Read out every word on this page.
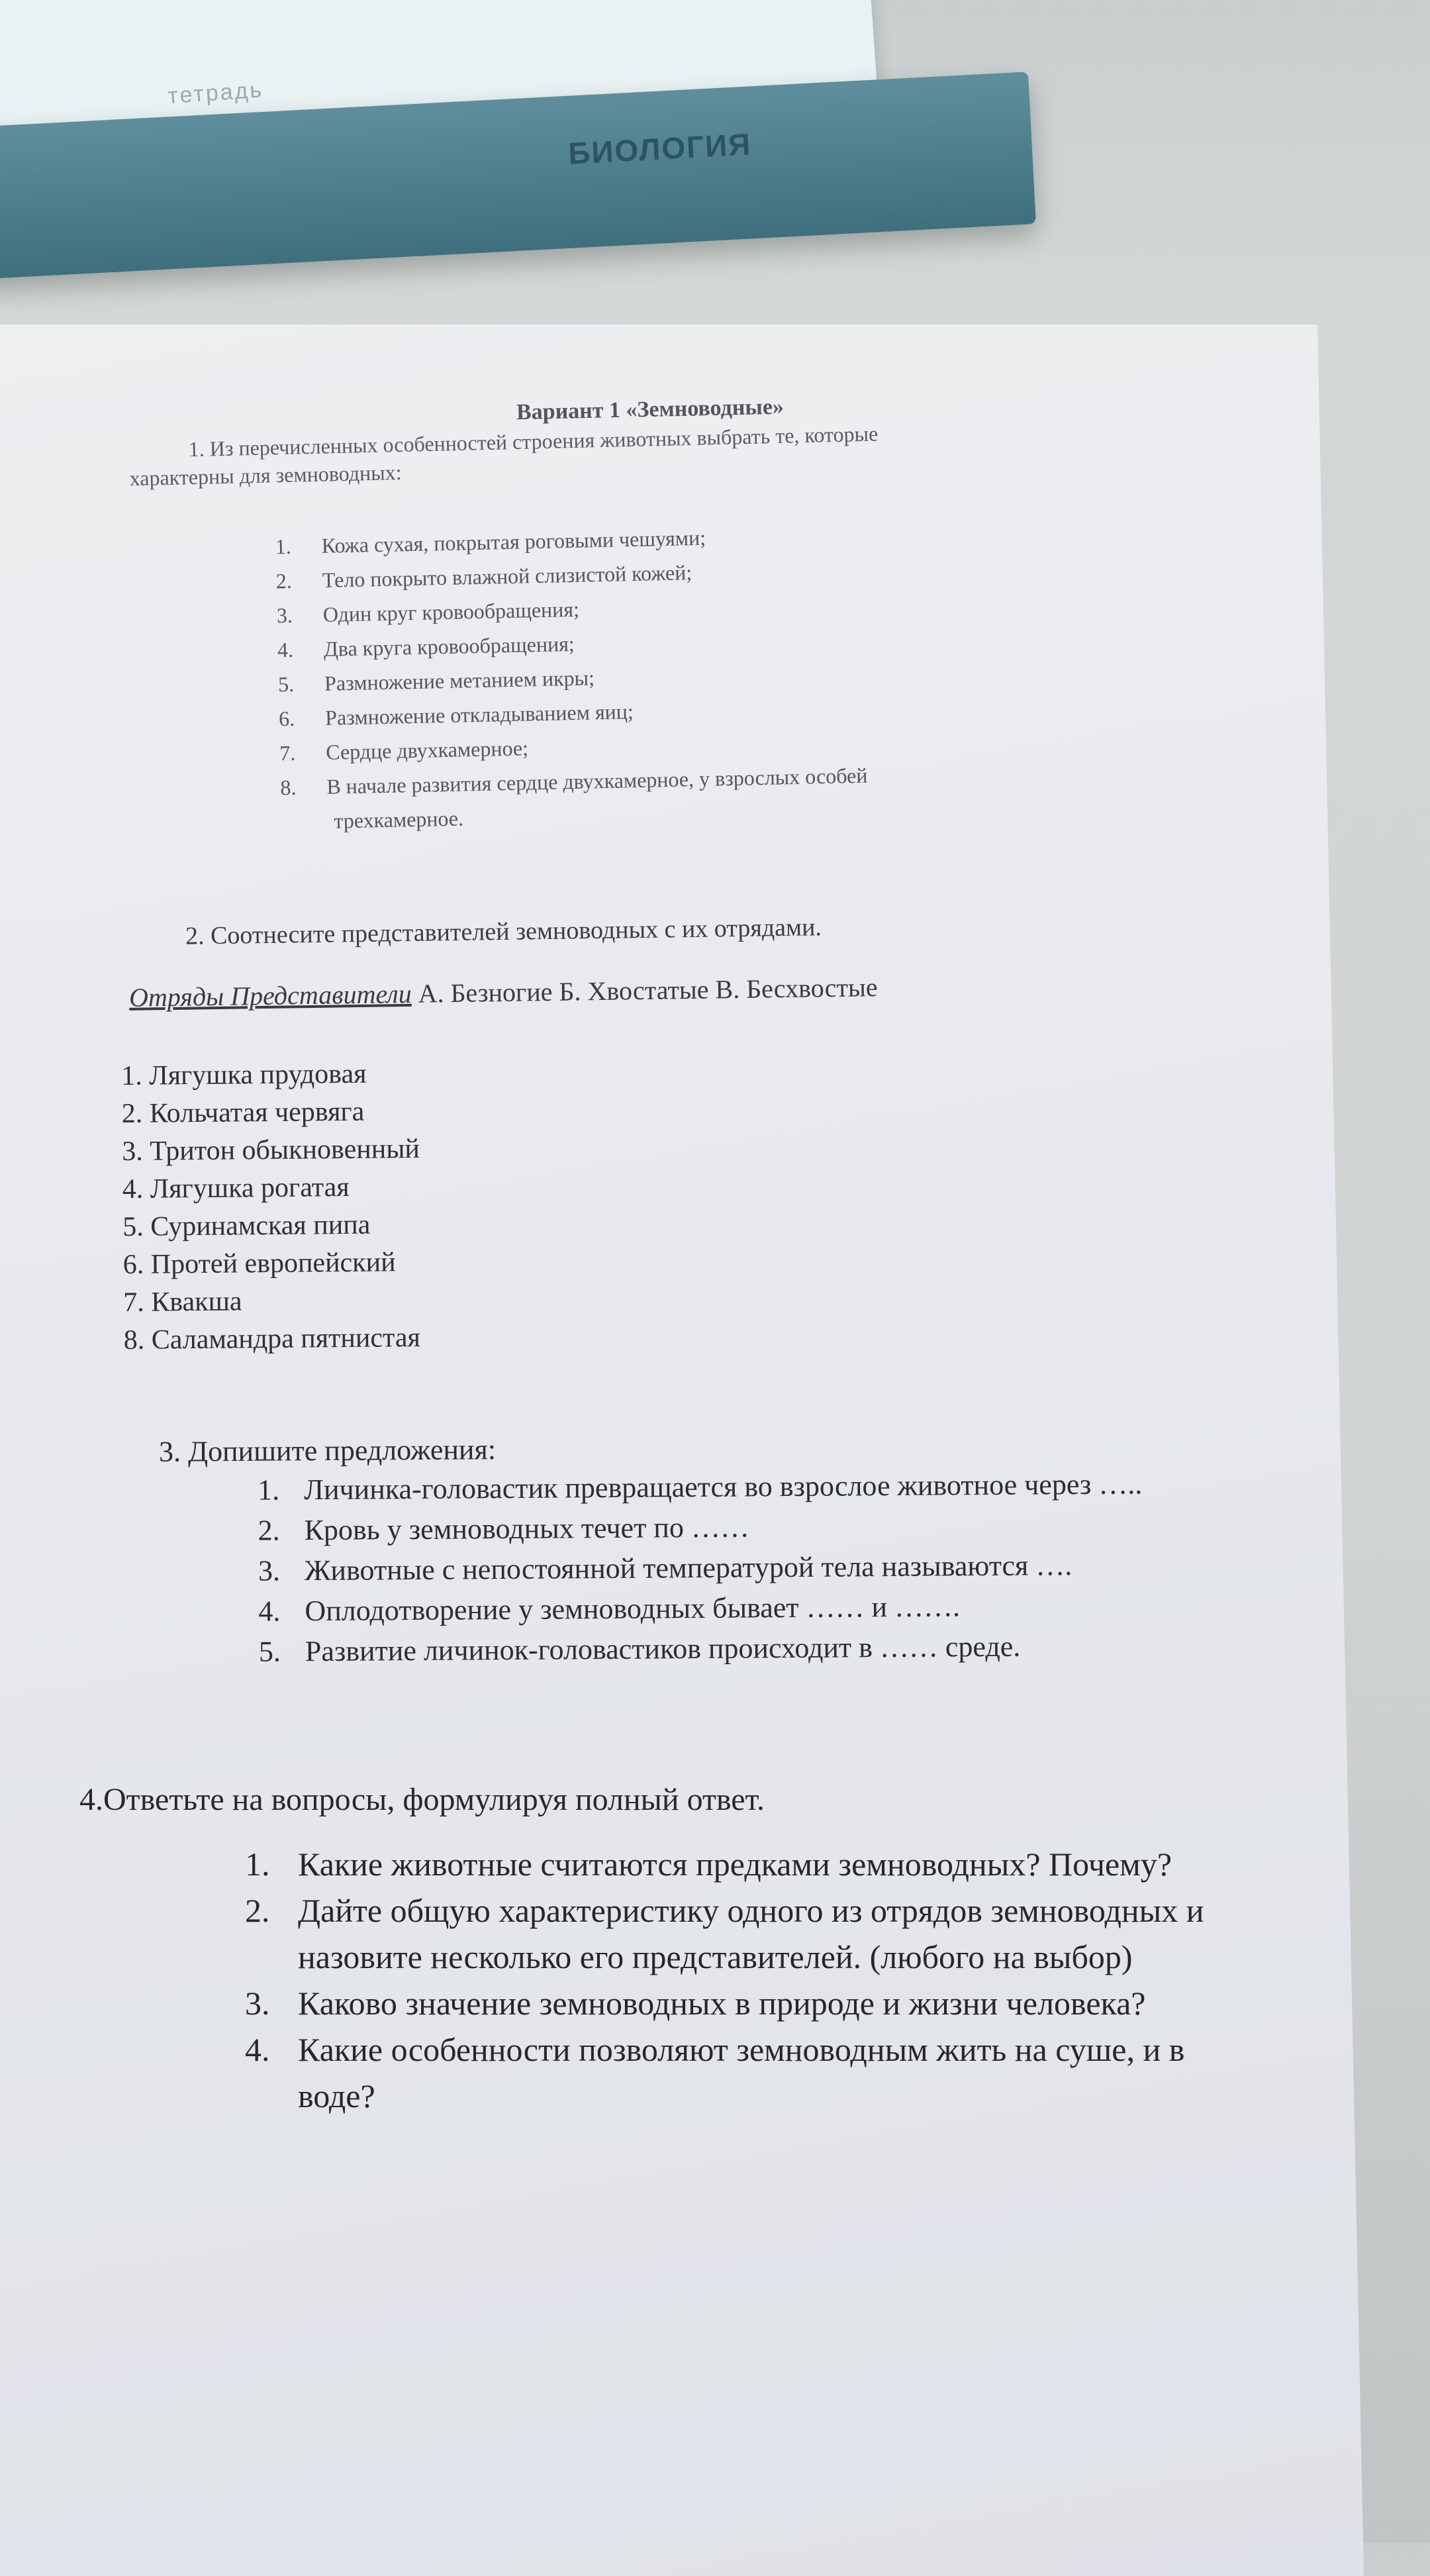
тетрадь
БИОЛОГИЯ
Вариант 1 «Земноводные»

1. Из перечисленных особенностей строения животных выбрать те, которые

характерны для земноводных:

1. Кожа сухая, покрытая роговыми чешуями;
2. Тело покрыто влажной слизистой кожей;
3. Один круг кровообращения;
4. Два круга кровообращения;
5. Размножение метанием икры;
6. Размножение откладыванием яиц;
7. Сердце двухкамерное;
8. В начале развития сердце двухкамерное, у взрослых особей
трехкамерное.
2. Соотнесите представителей земноводных с их отрядами.
Отряды Представители А. Безногие Б. Хвостатые В. Бесхвостые
1. Лягушка прудовая
2. Кольчатая червяга
3. Тритон обыкновенный
4. Лягушка рогатая
5. Суринамская пипа
6. Протей европейский
7. Квакша
8. Саламандра пятнистая
3. Допишите предложения:
1. Личинка-головастик превращается во взрослое животное через …..
2. Кровь у земноводных течет по ……
3. Животные с непостоянной температурой тела называются ….
4. Оплодотворение у земноводных бывает …… и …….
5. Развитие личинок-головастиков происходит в …… среде.
4.Ответьте на вопросы, формулируя полный ответ.
1. Какие животные считаются предками земноводных? Почему?
2. Дайте общую характеристику одного из отрядов земноводных и
назовите несколько его представителей. (любого на выбор)
3. Каково значение земноводных в природе и жизни человека?
4. Какие особенности позволяют земноводным жить на суше, и в
воде?
